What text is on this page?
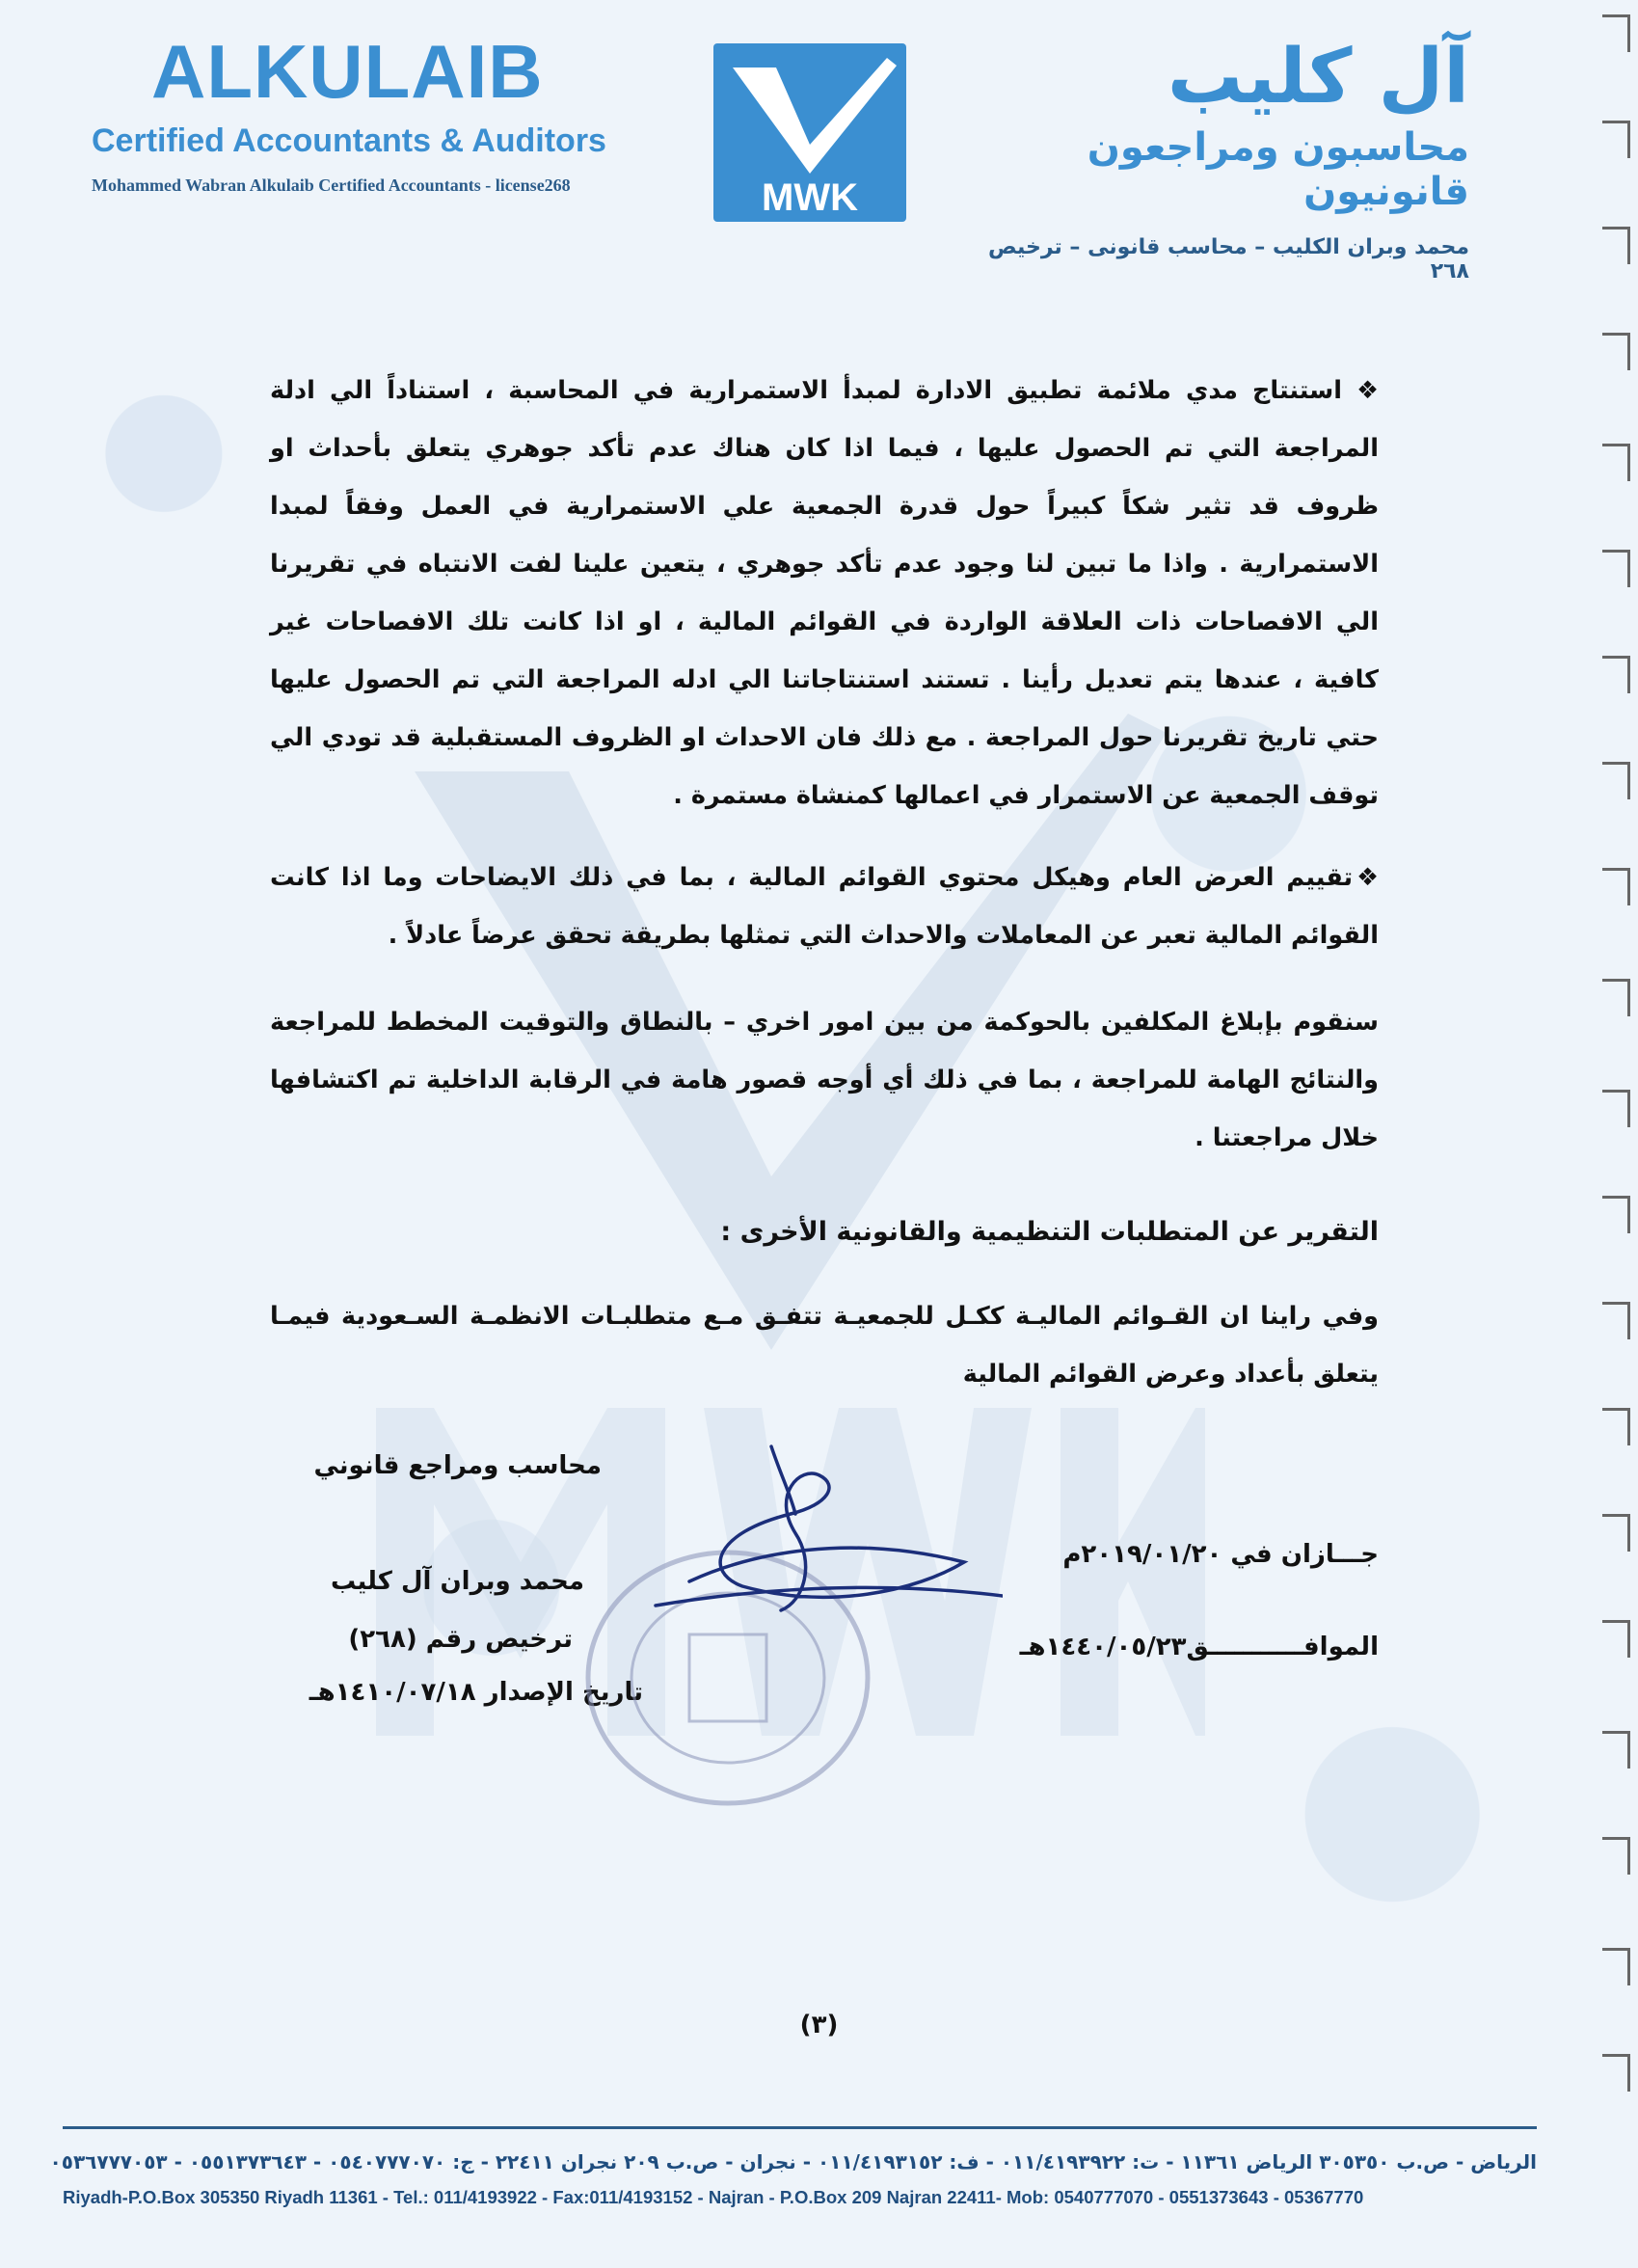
ALKULAIB
Certified Accountants & Auditors
Mohammed Wabran Alkulaib Certified Accountants - license268	MWK
آل كليب
محاسبون ومراجعون قانونيون
محمد وبران الكليب – محاسب قانونى – ترخيص ٢٦٨
❖ استنتاج مدي ملائمة تطبيق الادارة لمبدأ الاستمرارية في المحاسبة ، استناداً الي ادلة المراجعة التي تم الحصول عليها ، فيما اذا كان هناك عدم تأكد جوهري يتعلق بأحداث او ظروف قد تثير شكاً كبيراً حول قدرة الجمعية علي الاستمرارية في العمل وفقاً لمبدا الاستمرارية . واذا ما تبين لنا وجود عدم تأكد جوهري ، يتعين علينا لفت الانتباه في تقريرنا الي الافصاحات ذات العلاقة الواردة في القوائم المالية ، او اذا كانت تلك الافصاحات غير كافية ، عندها يتم تعديل رأينا . تستند استنتاجاتنا الي ادله المراجعة التي تم الحصول عليها حتي تاريخ تقريرنا حول المراجعة . مع ذلك فان الاحداث او الظروف المستقبلية قد تودي الي توقف الجمعية عن الاستمرار في اعمالها كمنشاة مستمرة .
❖تقييم العرض العام وهيكل محتوي القوائم المالية ، بما في ذلك الايضاحات وما اذا كانت القوائم المالية تعبر عن المعاملات والاحداث التي تمثلها بطريقة تحقق عرضاً عادلاً .
سنقوم بإبلاغ المكلفين بالحوكمة من بين امور اخري – بالنطاق والتوقيت المخطط للمراجعة والنتائج الهامة للمراجعة ، بما في ذلك أي أوجه قصور هامة في الرقابة الداخلية تم اكتشافها خلال مراجعتنا .
التقرير عن المتطلبات التنظيمية والقانونية الأخرى :
وفي راينا ان القـوائم الماليـة ككـل للجمعيـة تتفـق مـع متطلبـات الانظمـة السـعودية فيمـا يتعلق بأعداد وعرض القوائم المالية
محاسب ومراجع قانوني
محمد وبران آل كليب
ترخيص رقم (٢٦٨)
تاريخ الإصدار ١٤١٠/٠٧/١٨هـ
جـــازان في ٢٠١٩/٠١/٢٠م
الموافـــــــــــق١٤٤٠/٠٥/٢٣هـ
(٣)
الرياض - ص.ب ٣٠٥٣٥٠ الرياض ١١٣٦١ - ت: ٠١١/٤١٩٣٩٢٢ - ف: ٠١١/٤١٩٣١٥٢ - نجران - ص.ب ٢٠٩ نجران ٢٢٤١١ - ج: ٠٥٤٠٧٧٧٠٧٠ - ٠٥٥١٣٧٣٦٤٣ - ٠٥٣٦٧٧٧٠٥٣
Riyadh-P.O.Box 305350 Riyadh 11361 - Tel.: 011/4193922 - Fax:011/4193152 - Najran - P.O.Box 209 Najran 22411- Mob: 0540777070 - 0551373643 - 05367770
